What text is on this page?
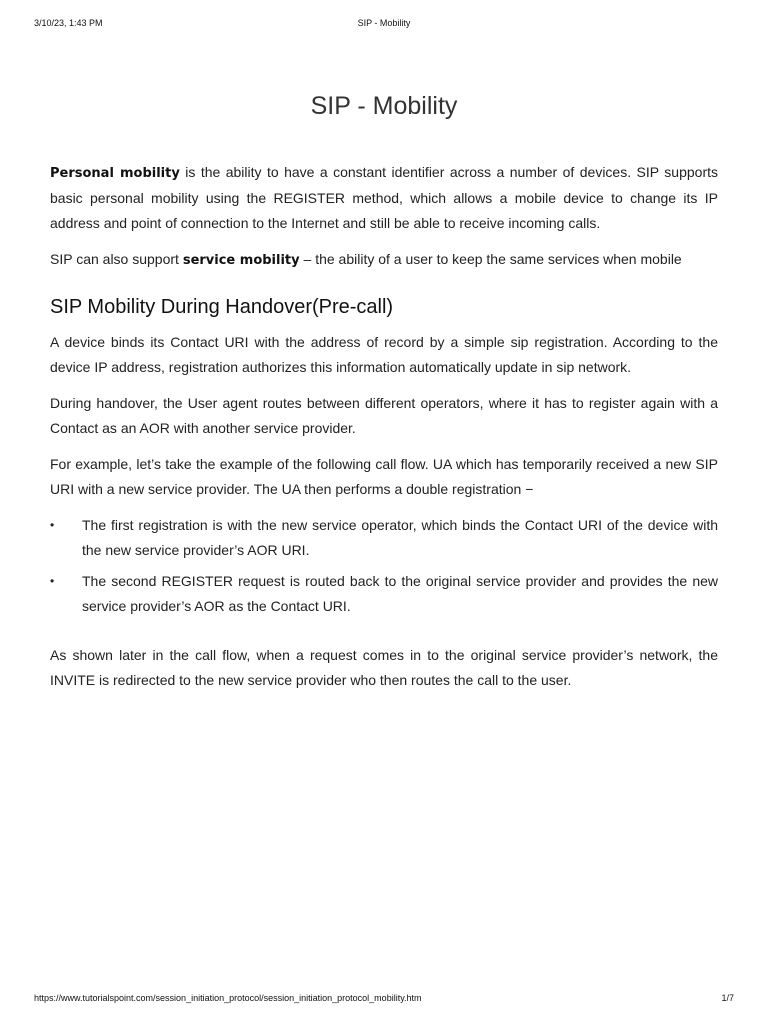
3/10/23, 1:43 PM	SIP - Mobility
SIP - Mobility

Personal mobility is the ability to have a constant identifier across a number of devices. SIP supports basic personal mobility using the REGISTER method, which allows a mobile device to change its IP address and point of connection to the Internet and still be able to receive incoming calls.

SIP can also support service mobility – the ability of a user to keep the same services when mobile

SIP Mobility During Handover(Pre-call)

A device binds its Contact URI with the address of record by a simple sip registration. According to the device IP address, registration authorizes this information automatically update in sip network.

During handover, the User agent routes between different operators, where it has to register again with a Contact as an AOR with another service provider.

For example, let’s take the example of the following call flow. UA which has temporarily received a new SIP URI with a new service provider. The UA then performs a double registration −

• The first registration is with the new service operator, which binds the Contact URI of the device with the new service provider’s AOR URI.
• The second REGISTER request is routed back to the original service provider and provides the new service provider’s AOR as the Contact URI.

As shown later in the call flow, when a request comes in to the original service provider’s network, the INVITE is redirected to the new service provider who then routes the call to the user.

https://www.tutorialspoint.com/session_initiation_protocol/session_initiation_protocol_mobility.htm	1/7
